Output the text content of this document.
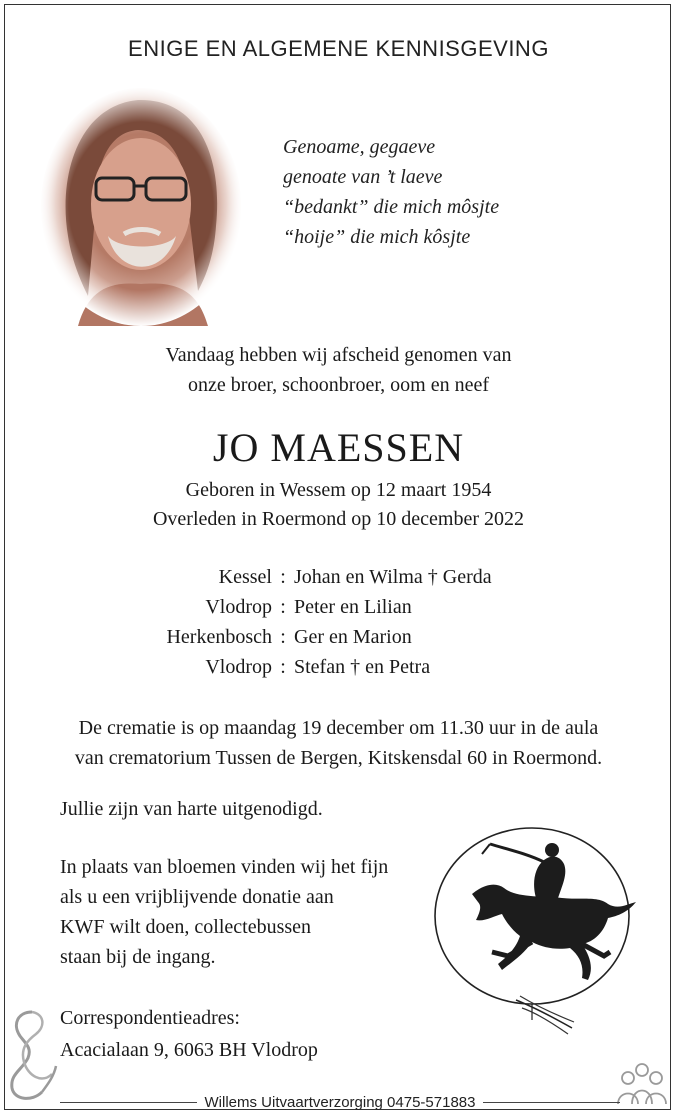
ENIGE EN ALGEMENE KENNISGEVING
Genoame, gegaeve
genoate van ’t laeve
“bedankt” die mich môsjte
“hoije” die mich kôsjte
Vandaag hebben wij afscheid genomen van
onze broer, schoonbroer, oom en neef
JO MAESSEN
Geboren in Wessem op 12 maart 1954
Overleden in Roermond op 10 december 2022
Kessel : Johan en Wilma † Gerda
Vlodrop : Peter en Lilian
Herkenbosch : Ger en Marion
Vlodrop : Stefan † en Petra
De crematie is op maandag 19 december om 11.30 uur in de aula
van crematorium Tussen de Bergen, Kitskensdal 60 in Roermond.
Jullie zijn van harte uitgenodigd.
In plaats van bloemen vinden wij het fijn
als u een vrijblijvende donatie aan
KWF wilt doen, collectebussen
staan bij de ingang.
Correspondentieadres:
Acacialaan 9, 6063 BH Vlodrop
Willems Uitvaartverzorging 0475-571883
